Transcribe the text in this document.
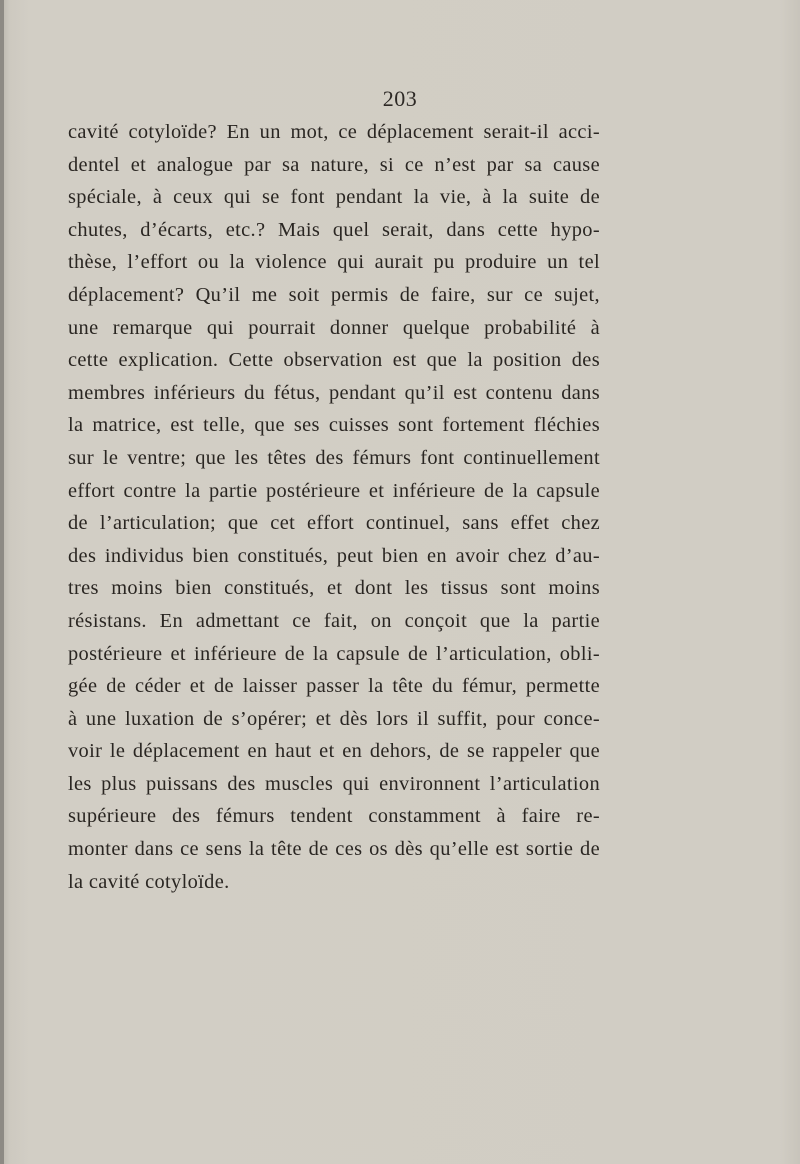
203
cavité cotyloïde? En un mot, ce déplacement serait-il acci-
dentel et analogue par sa nature, si ce n’est par sa cause
spéciale, à ceux qui se font pendant la vie, à la suite de
chutes, d’écarts, etc.? Mais quel serait, dans cette hypo-
thèse, l’effort ou la violence qui aurait pu produire un tel
déplacement? Qu’il me soit permis de faire, sur ce sujet,
une remarque qui pourrait donner quelque probabilité à
cette explication. Cette observation est que la position des
membres inférieurs du fétus, pendant qu’il est contenu dans
la matrice, est telle, que ses cuisses sont fortement fléchies
sur le ventre; que les têtes des fémurs font continuellement
effort contre la partie postérieure et inférieure de la capsule
de l’articulation; que cet effort continuel, sans effet chez
des individus bien constitués, peut bien en avoir chez d’au-
tres moins bien constitués, et dont les tissus sont moins
résistans. En admettant ce fait, on conçoit que la partie
postérieure et inférieure de la capsule de l’articulation, obli-
gée de céder et de laisser passer la tête du fémur, permette
à une luxation de s’opérer; et dès lors il suffit, pour conce-
voir le déplacement en haut et en dehors, de se rappeler que
les plus puissans des muscles qui environnent l’articulation
supérieure des fémurs tendent constamment à faire re-
monter dans ce sens la tête de ces os dès qu’elle est sortie de
la cavité cotyloïde.
